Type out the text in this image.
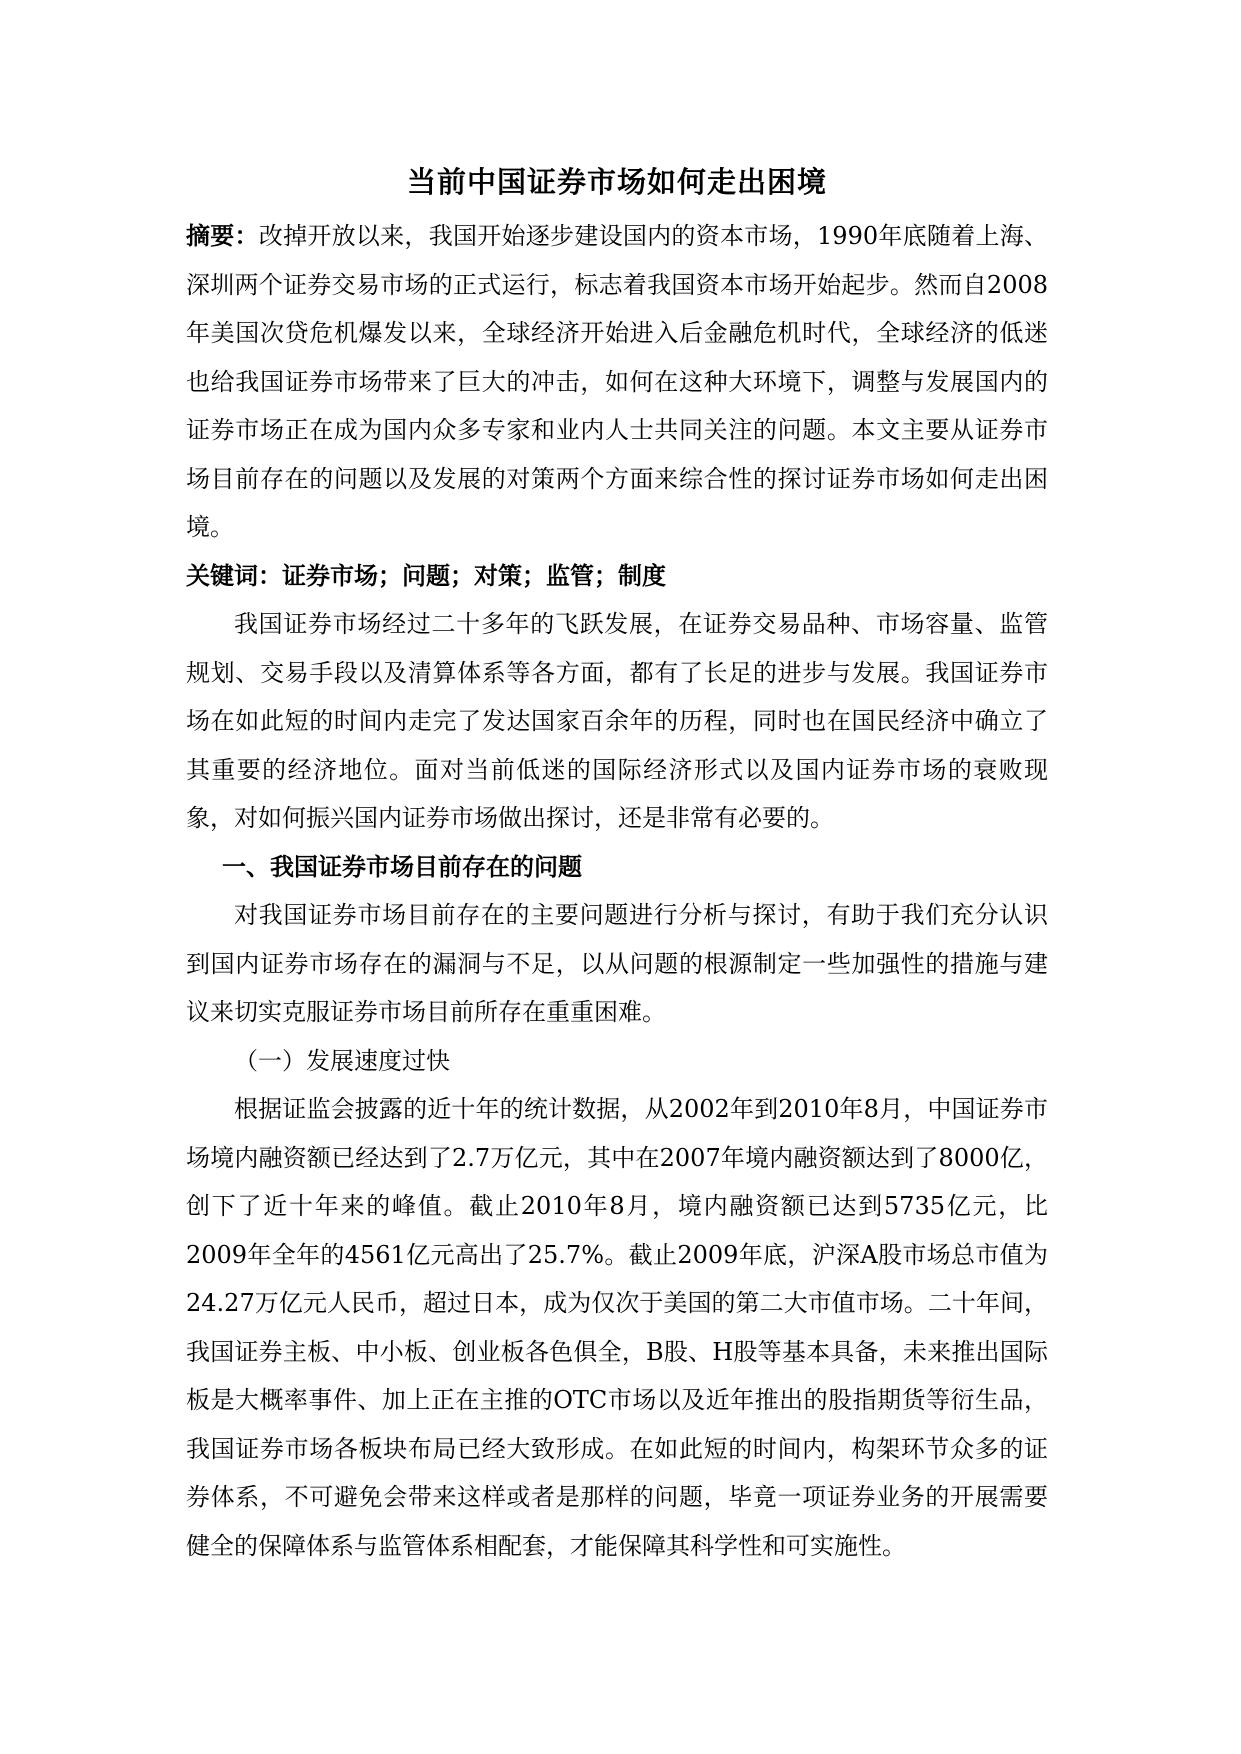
当前中国证券市场如何走出困境

摘要：改掉开放以来，我国开始逐步建设国内的资本市场，1990年底随着上海、深圳两个证券交易市场的正式运行，标志着我国资本市场开始起步。然而自2008年美国次贷危机爆发以来，全球经济开始进入后金融危机时代，全球经济的低迷也给我国证券市场带来了巨大的冲击，如何在这种大环境下，调整与发展国内的证券市场正在成为国内众多专家和业内人士共同关注的问题。本文主要从证券市场目前存在的问题以及发展的对策两个方面来综合性的探讨证券市场如何走出困境。

关键词：证券市场；问题；对策；监管；制度

我国证券市场经过二十多年的飞跃发展，在证券交易品种、市场容量、监管规划、交易手段以及清算体系等各方面，都有了长足的进步与发展。我国证券市场在如此短的时间内走完了发达国家百余年的历程，同时也在国民经济中确立了其重要的经济地位。面对当前低迷的国际经济形式以及国内证券市场的衰败现象，对如何振兴国内证券市场做出探讨，还是非常有必要的。

一、我国证券市场目前存在的问题

对我国证券市场目前存在的主要问题进行分析与探讨，有助于我们充分认识到国内证券市场存在的漏洞与不足，以从问题的根源制定一些加强性的措施与建议来切实克服证券市场目前所存在重重困难。

（一）发展速度过快

根据证监会披露的近十年的统计数据，从2002年到2010年8月，中国证券市场境内融资额已经达到了2.7万亿元，其中在2007年境内融资额达到了8000亿，创下了近十年来的峰值。截止2010年8月，境内融资额已达到5735亿元，比2009年全年的4561亿元高出了25.7%。截止2009年底，沪深A股市场总市值为24.27万亿元人民币，超过日本，成为仅次于美国的第二大市值市场。二十年间，我国证券主板、中小板、创业板各色俱全，B股、H股等基本具备，未来推出国际板是大概率事件、加上正在主推的OTC市场以及近年推出的股指期货等衍生品，我国证券市场各板块布局已经大致形成。在如此短的时间内，构架环节众多的证券体系，不可避免会带来这样或者是那样的问题，毕竟一项证券业务的开展需要健全的保障体系与监管体系相配套，才能保障其科学性和可实施性。
